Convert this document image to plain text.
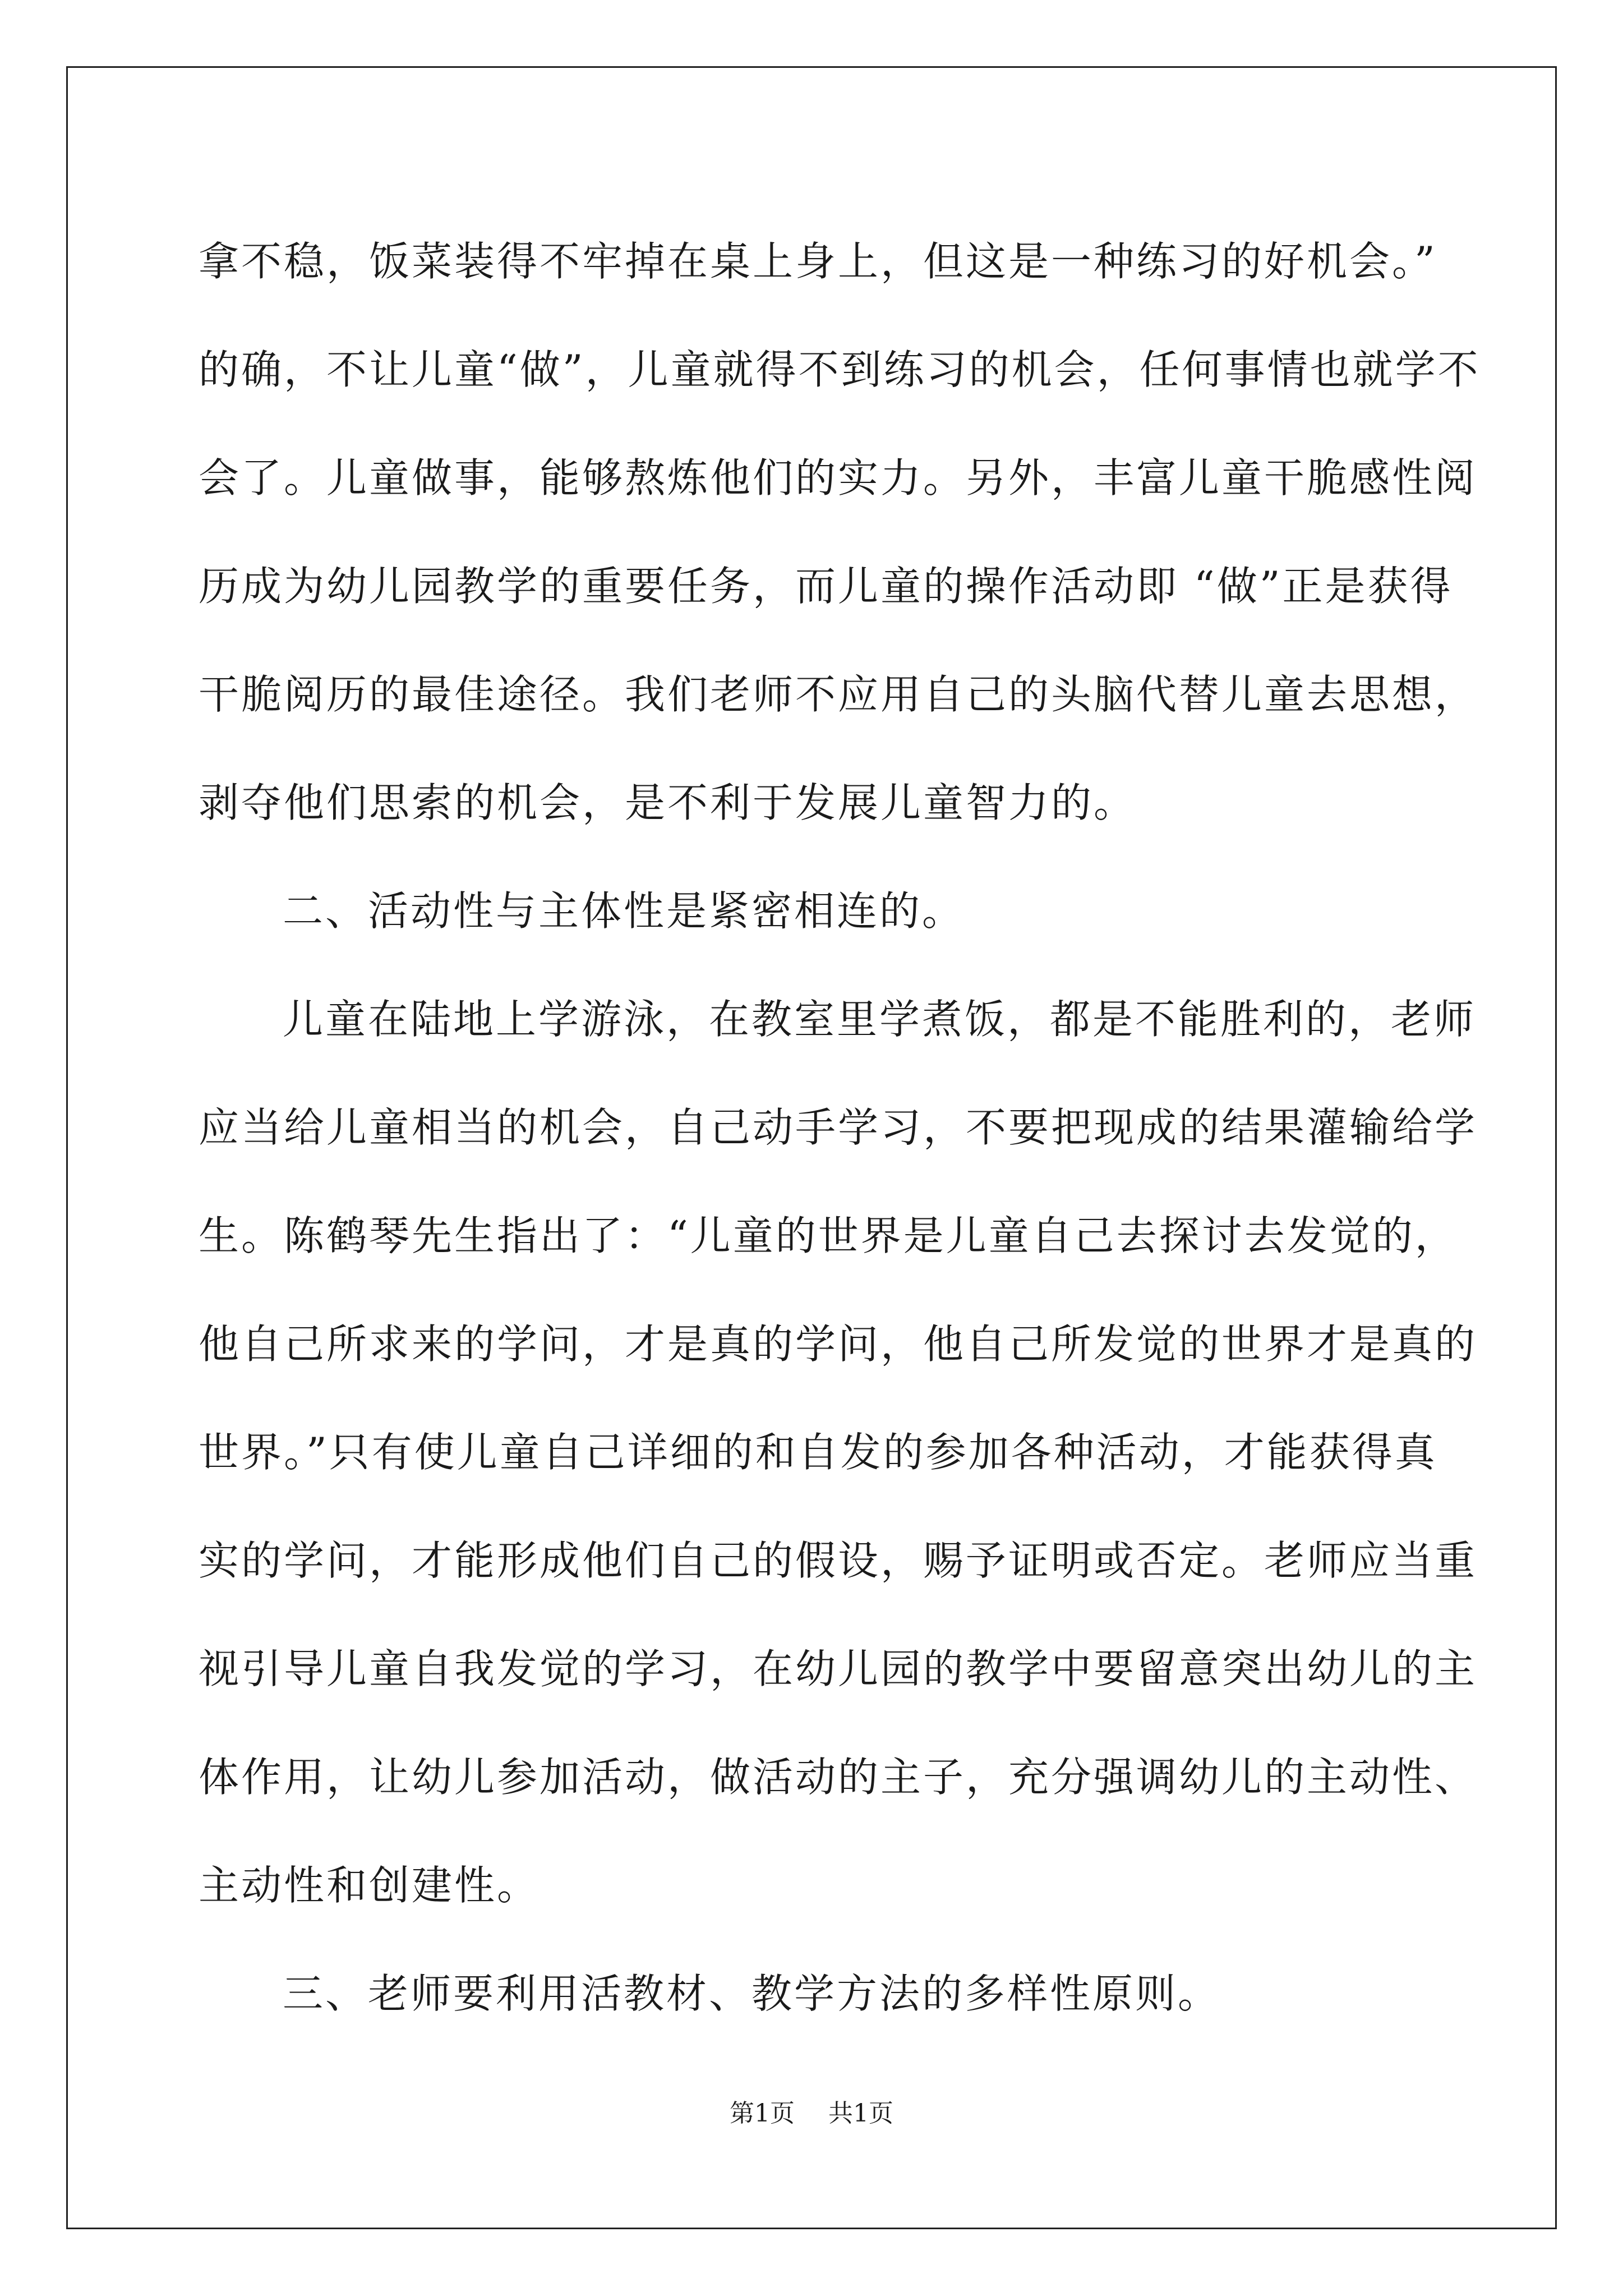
拿不稳，饭菜装得不牢掉在桌上身上，但这是一种练习的好机会。”

的确，不让儿童“做”，儿童就得不到练习的机会，任何事情也就学不

会了。儿童做事，能够熬炼他们的实力。另外，丰富儿童干脆感性阅

历成为幼儿园教学的重要任务，而儿童的操作活动即 “做”正是获得

干脆阅历的最佳途径。我们老师不应用自己的头脑代替儿童去思想，

剥夺他们思索的机会，是不利于发展儿童智力的。

二、活动性与主体性是紧密相连的。

儿童在陆地上学游泳，在教室里学煮饭，都是不能胜利的，老师

应当给儿童相当的机会，自己动手学习，不要把现成的结果灌输给学

生。陈鹤琴先生指出了：“儿童的世界是儿童自己去探讨去发觉的，

他自己所求来的学问，才是真的学问，他自己所发觉的世界才是真的

世界。”只有使儿童自己详细的和自发的参加各种活动，才能获得真

实的学问，才能形成他们自己的假设，赐予证明或否定。老师应当重

视引导儿童自我发觉的学习，在幼儿园的教学中要留意突出幼儿的主

体作用，让幼儿参加活动，做活动的主子，充分强调幼儿的主动性、

主动性和创建性。

三、老师要利用活教材、教学方法的多样性原则。

第1页 共1页
